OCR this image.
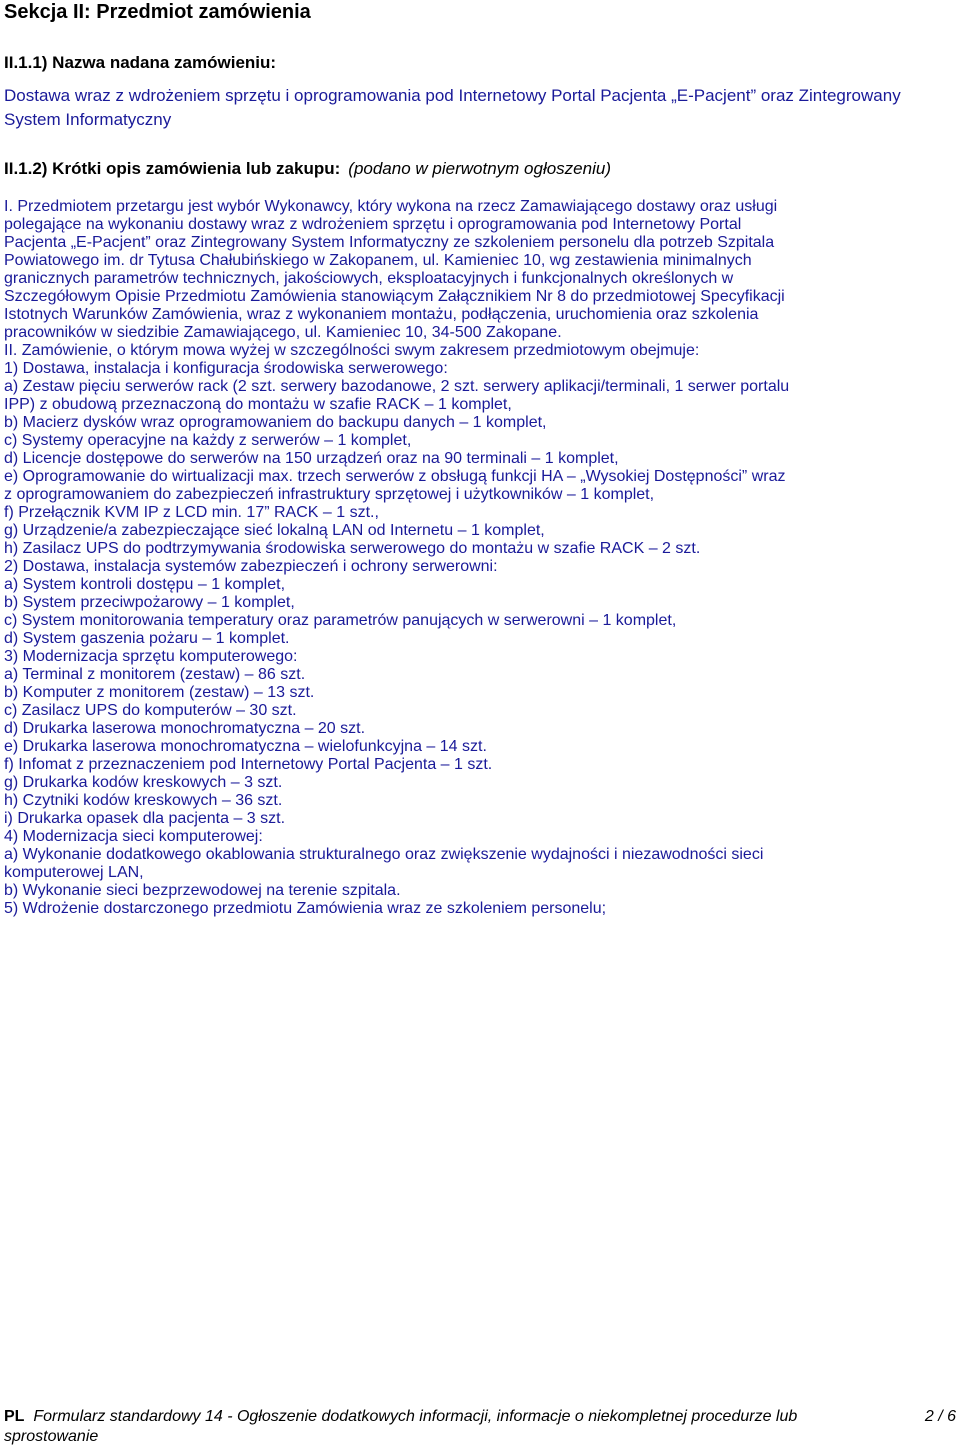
Sekcja II: Przedmiot zamówienia
II.1.1) Nazwa nadana zamówieniu:

Dostawa wraz z wdrożeniem sprzętu i oprogramowania pod Internetowy Portal Pacjenta „E-Pacjent” oraz Zintegrowany System Informatyczny

II.1.2) Krótki opis zamówienia lub zakupu: (podano w pierwotnym ogłoszeniu)
I. Przedmiotem przetargu jest wybór Wykonawcy, który wykona na rzecz Zamawiającego dostawy oraz usługi
polegające na wykonaniu dostawy wraz z wdrożeniem sprzętu i oprogramowania pod Internetowy Portal
Pacjenta „E-Pacjent” oraz Zintegrowany System Informatyczny ze szkoleniem personelu dla potrzeb Szpitala
Powiatowego im. dr Tytusa Chałubińskiego w Zakopanem, ul. Kamieniec 10, wg zestawienia minimalnych
granicznych parametrów technicznych, jakościowych, eksploatacyjnych i funkcjonalnych określonych w
Szczegółowym Opisie Przedmiotu Zamówienia stanowiącym Załącznikiem Nr 8 do przedmiotowej Specyfikacji
Istotnych Warunków Zamówienia, wraz z wykonaniem montażu, podłączenia, uruchomienia oraz szkolenia
pracowników w siedzibie Zamawiającego, ul. Kamieniec 10, 34-500 Zakopane.
II. Zamówienie, o którym mowa wyżej w szczególności swym zakresem przedmiotowym obejmuje:
1) Dostawa, instalacja i konfiguracja środowiska serwerowego:
a) Zestaw pięciu serwerów rack (2 szt. serwery bazodanowe, 2 szt. serwery aplikacji/terminali, 1 serwer portalu
IPP) z obudową przeznaczoną do montażu w szafie RACK – 1 komplet,
b) Macierz dysków wraz oprogramowaniem do backupu danych – 1 komplet,
c) Systemy operacyjne na każdy z serwerów – 1 komplet,
d) Licencje dostępowe do serwerów na 150 urządzeń oraz na 90 terminali – 1 komplet,
e) Oprogramowanie do wirtualizacji max. trzech serwerów z obsługą funkcji HA – „Wysokiej Dostępności” wraz
z oprogramowaniem do zabezpieczeń infrastruktury sprzętowej i użytkowników – 1 komplet,
f) Przełącznik KVM IP z LCD min. 17” RACK – 1 szt.,
g) Urządzenie/a zabezpieczające sieć lokalną LAN od Internetu – 1 komplet,
h) Zasilacz UPS do podtrzymywania środowiska serwerowego do montażu w szafie RACK – 2 szt.
2) Dostawa, instalacja systemów zabezpieczeń i ochrony serwerowni:
a) System kontroli dostępu – 1 komplet,
b) System przeciwpożarowy – 1 komplet,
c) System monitorowania temperatury oraz parametrów panujących w serwerowni – 1 komplet,
d) System gaszenia pożaru – 1 komplet.
3) Modernizacja sprzętu komputerowego:
a) Terminal z monitorem (zestaw) – 86 szt.
b) Komputer z monitorem (zestaw) – 13 szt.
c) Zasilacz UPS do komputerów – 30 szt.
d) Drukarka laserowa monochromatyczna – 20 szt.
e) Drukarka laserowa monochromatyczna – wielofunkcyjna – 14 szt.
f) Infomat z przeznaczeniem pod Internetowy Portal Pacjenta – 1 szt.
g) Drukarka kodów kreskowych – 3 szt.
h) Czytniki kodów kreskowych – 36 szt.
i) Drukarka opasek dla pacjenta – 3 szt.
4) Modernizacja sieci komputerowej:
a) Wykonanie dodatkowego okablowania strukturalnego oraz zwiększenie wydajności i niezawodności sieci
komputerowej LAN,
b) Wykonanie sieci bezprzewodowej na terenie szpitala.
5) Wdrożenie dostarczonego przedmiotu Zamówienia wraz ze szkoleniem personelu;
PL Formularz standardowy 14 - Ogłoszenie dodatkowych informacji, informacje o niekompletnej procedurze lub
sprostowanie
2 / 6
